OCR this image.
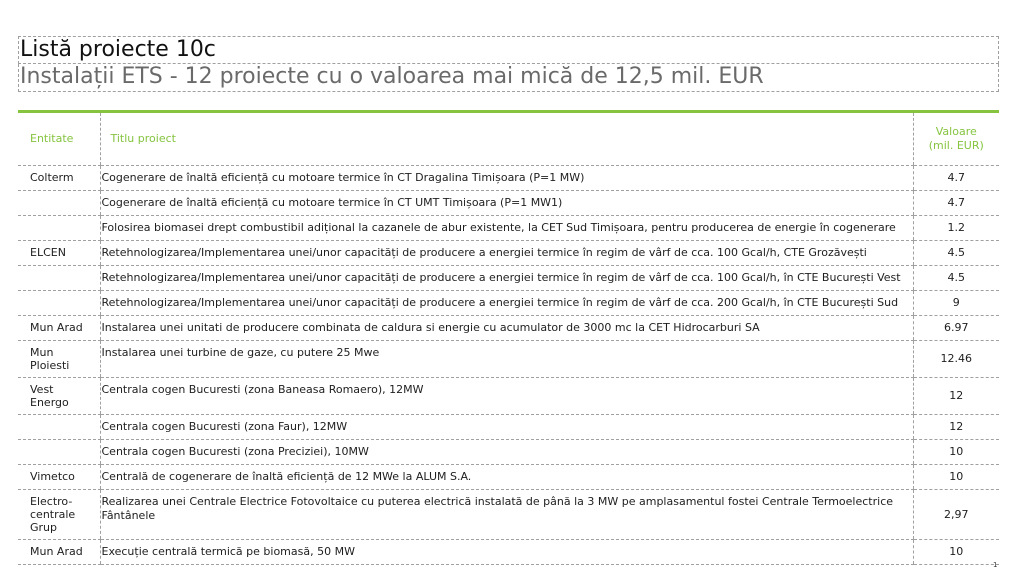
Listă proiecte 10c
Instalații ETS - 12 proiecte cu o valoarea mai mică de 12,5 mil. EUR
Entitate	Titlu proiect	Valoare (mil. EUR)
Colterm	Cogenerare de înaltă eficiență cu motoare termice în CT Dragalina Timișoara (P=1 MW)	4.7
	Cogenerare de înaltă eficiență cu motoare termice în CT UMT Timișoara (P=1 MW1)	4.7
	Folosirea biomasei drept combustibil adițional la cazanele de abur existente, la CET Sud Timișoara, pentru producerea de energie în cogenerare	1.2
ELCEN	Retehnologizarea/Implementarea unei/unor capacități de producere a energiei termice în regim de vârf de cca. 100 Gcal/h, CTE Grozăvești	4.5
	Retehnologizarea/Implementarea unei/unor capacități de producere a energiei termice în regim de vârf de cca. 100 Gcal/h, în CTE București Vest	4.5
	Retehnologizarea/Implementarea unei/unor capacități de producere a energiei termice în regim de vârf de cca. 200 Gcal/h, în CTE București Sud	9
Mun Arad	Instalarea unei unitati de producere combinata de caldura si energie cu acumulator de 3000 mc la CET Hidrocarburi SA	6.97
Mun Ploiesti	Instalarea unei turbine de gaze, cu putere 25 Mwe	12.46
Vest Energo	Centrala cogen Bucuresti (zona Baneasa Romaero), 12MW	12
	Centrala cogen Bucuresti (zona Faur), 12MW	12
	Centrala cogen Bucuresti (zona Preciziei), 10MW	10
Vimetco	Centrală de cogenerare de înaltă eficiență de 12 MWe la ALUM S.A.	10
Electro-centrale Grup	Realizarea unei Centrale Electrice Fotovoltaice cu puterea electrică instalată de până la 3 MW pe amplasamentul fostei Centrale Termoelectrice Fântânele	2,97
Mun Arad	Execuție centrală termică pe biomasă, 50 MW	10
1
